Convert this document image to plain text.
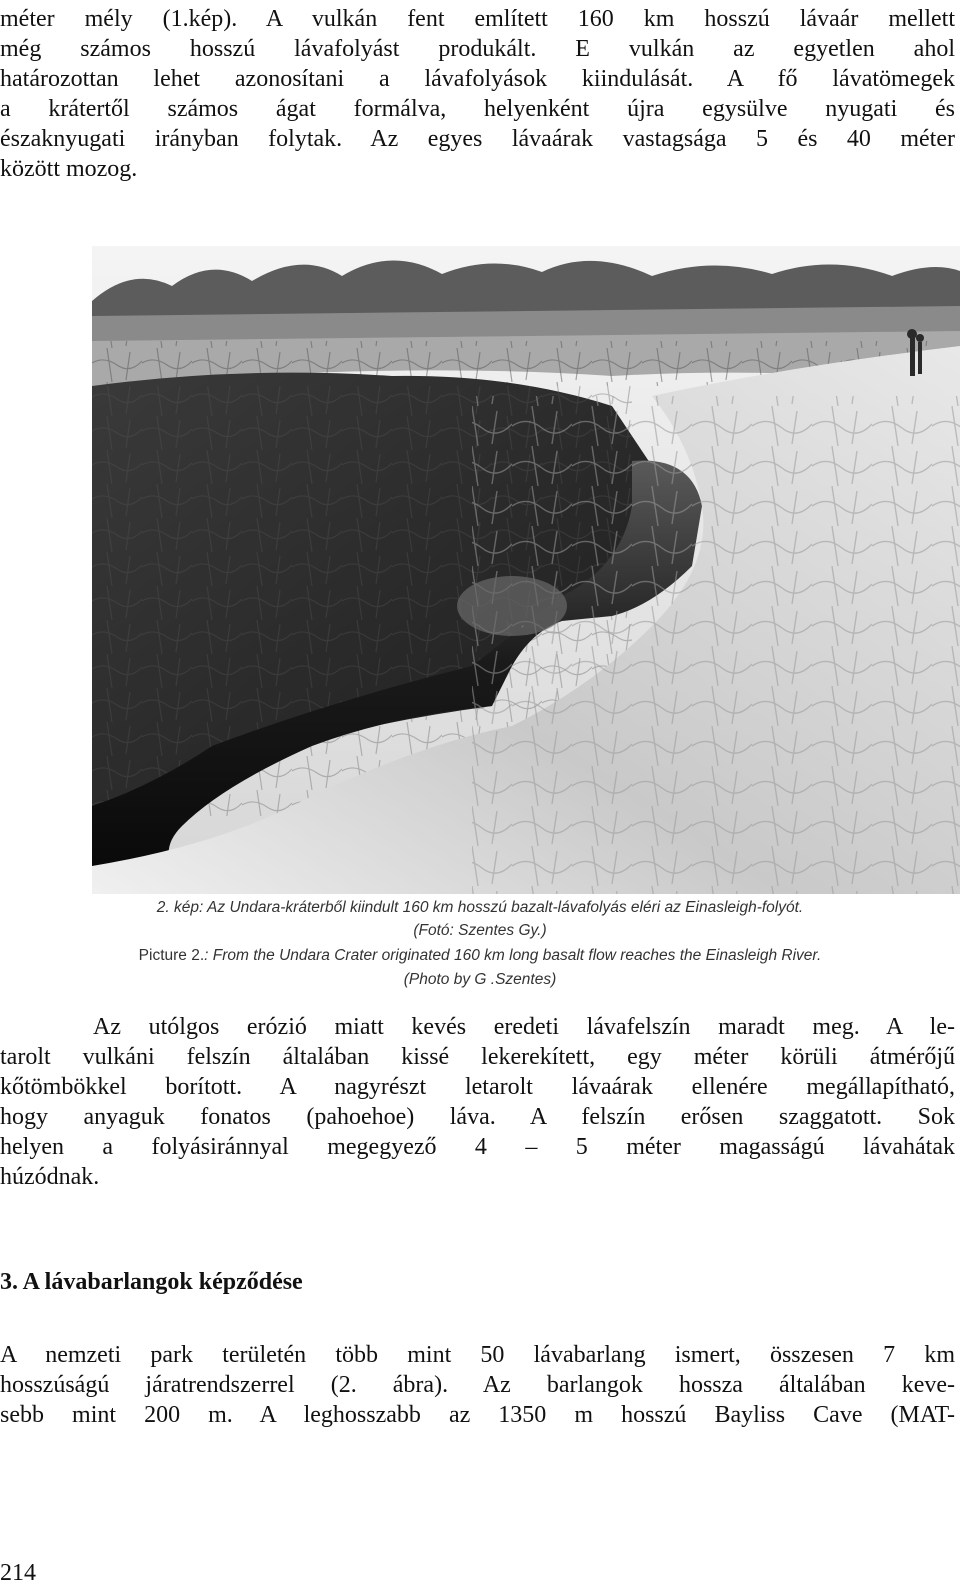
méter mély (1.kép). A vulkán fent említett 160 km hosszú lávaár mellett
még számos hosszú lávafolyást produkált. E vulkán az egyetlen ahol
határozottan lehet azonosítani a lávafolyások kiindulását. A fő lávatömegek
a krátertől számos ágat formálva, helyenként újra egysülve nyugati és
északnyugati irányban folytak. Az egyes lávaárak vastagsága 5 és 40 méter
között mozog.
2. kép: Az Undara-kráterből kiindult 160 km hosszú bazalt-lávafolyás eléri az Einasleigh-folyót.
(Fotó: Szentes Gy.)
Picture 2.: From the Undara Crater originated 160 km long basalt flow reaches the Einasleigh River.
(Photo by G .Szentes)
Az utólgos erózió miatt kevés eredeti lávafelszín maradt meg. A le-
tarolt vulkáni felszín általában kissé lekerekített, egy méter körüli átmérőjű
kőtömbökkel borított. A nagyrészt letarolt lávaárak ellenére megállapítható,
hogy anyaguk fonatos (pahoehoe) láva. A felszín erősen szaggatott. Sok
helyen a folyásiránnyal megegyező 4 – 5 méter magasságú lávahátak
húzódnak.
3. A lávabarlangok képződése
A nemzeti park területén több mint 50 lávabarlang ismert, összesen 7 km
hosszúságú járatrendszerrel (2. ábra). Az barlangok hossza általában keve-
sebb mint 200 m. A leghosszabb az 1350 m hosszú Bayliss Cave (MAT-
214
